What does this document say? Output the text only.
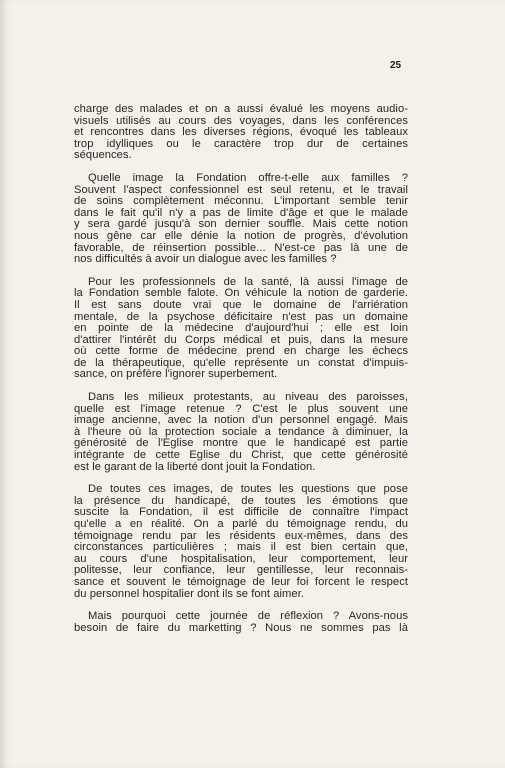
25
charge des malades et on a aussi évalué les moyens audio-
visuels utilisés au cours des voyages, dans les conférences
et rencontres dans les diverses régions, évoqué les tableaux
trop idylliques ou le caractère trop dur de certaines
séquences.
Quelle image la Fondation offre-t-elle aux familles ?
Souvent l'aspect confessionnel est seul retenu, et le travail
de soins complètement méconnu. L'important semble tenir
dans le fait qu'il n'y a pas de limite d'âge et que le malade
y sera gardé jusqu'à son dernier souffle. Mais cette notion
nous gêne car elle dénie la notion de progrès, d'évolution
favorable, de réinsertion possible... N'est-ce pas là une de
nos difficultés à avoir un dialogue avec les familles ?
Pour les professionnels de la santé, là aussi l'image de
la Fondation semble falote. On véhicule la notion de garderie.
Il est sans doute vrai que le domaine de l'arriération
mentale, de la psychose déficitaire n'est pas un domaine
en pointe de la médecine d'aujourd'hui ; elle est loin
d'attirer l'intérêt du Corps médical et puis, dans la mesure
où cette forme de médecine prend en charge les échecs
de la thérapeutique, qu'elle représente un constat d'impuis-
sance, on préfère l'ignorer superbement.
Dans les milieux protestants, au niveau des paroisses,
quelle est l'image retenue ? C'est le plus souvent une
image ancienne, avec la notion d'un personnel engagé. Mais
à l'heure où la protection sociale a tendance à diminuer, la
générosité de l'Eglise montre que le handicapé est partie
intégrante de cette Eglise du Christ, que cette générosité
est le garant de la liberté dont jouit la Fondation.
De toutes ces images, de toutes les questions que pose
la présence du handicapé, de toutes les émotions que
suscite la Fondation, il est difficile de connaître l'impact
qu'elle a en réalité. On a parlé du témoignage rendu, du
témoignage rendu par les résidents eux-mêmes, dans des
circonstances particulières ; mais il est bien certain que,
au cours d'une hospitalisation, leur comportement, leur
politesse, leur confiance, leur gentillesse, leur reconnais-
sance et souvent le témoignage de leur foi forcent le respect
du personnel hospitalier dont ils se font aimer.
Mais pourquoi cette journée de réflexion ? Avons-nous
besoin de faire du marketting ? Nous ne sommes pas là
